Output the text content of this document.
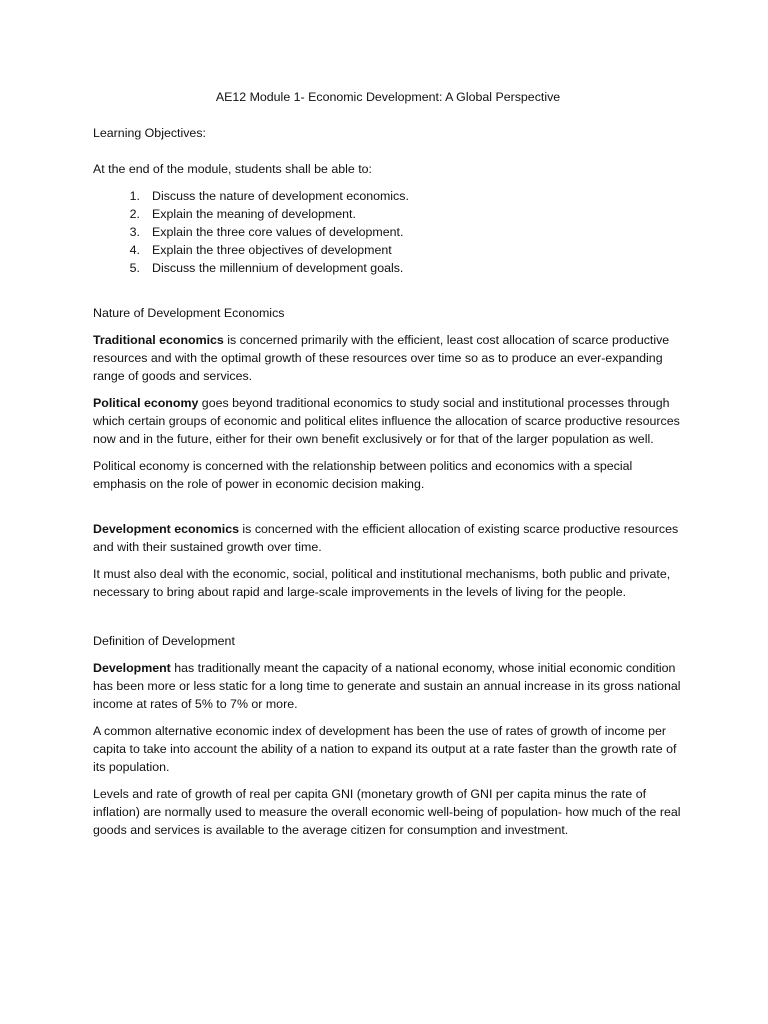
AE12 Module 1- Economic Development: A Global Perspective

Learning Objectives:

At the end of the module, students shall be able to:

1. Discuss the nature of development economics.
2. Explain the meaning of development.
3. Explain the three core values of development.
4. Explain the three objectives of development
5. Discuss the millennium of development goals.

Nature of Development Economics

Traditional economics is concerned primarily with the efficient, least cost allocation of scarce productive resources and with the optimal growth of these resources over time so as to produce an ever-expanding range of goods and services.

Political economy goes beyond traditional economics to study social and institutional processes through which certain groups of economic and political elites influence the allocation of scarce productive resources now and in the future, either for their own benefit exclusively or for that of the larger population as well.

Political economy is concerned with the relationship between politics and economics with a special emphasis on the role of power in economic decision making.

Development economics is concerned with the efficient allocation of existing scarce productive resources and with their sustained growth over time.

It must also deal with the economic, social, political and institutional mechanisms, both public and private, necessary to bring about rapid and large-scale improvements in the levels of living for the people.

Definition of Development

Development has traditionally meant the capacity of a national economy, whose initial economic condition has been more or less static for a long time to generate and sustain an annual increase in its gross national income at rates of 5% to 7% or more.

A common alternative economic index of development has been the use of rates of growth of income per capita to take into account the ability of a nation to expand its output at a rate faster than the growth rate of its population.

Levels and rate of growth of real per capita GNI (monetary growth of GNI per capita minus the rate of inflation) are normally used to measure the overall economic well-being of population- how much of the real goods and services is available to the average citizen for consumption and investment.
